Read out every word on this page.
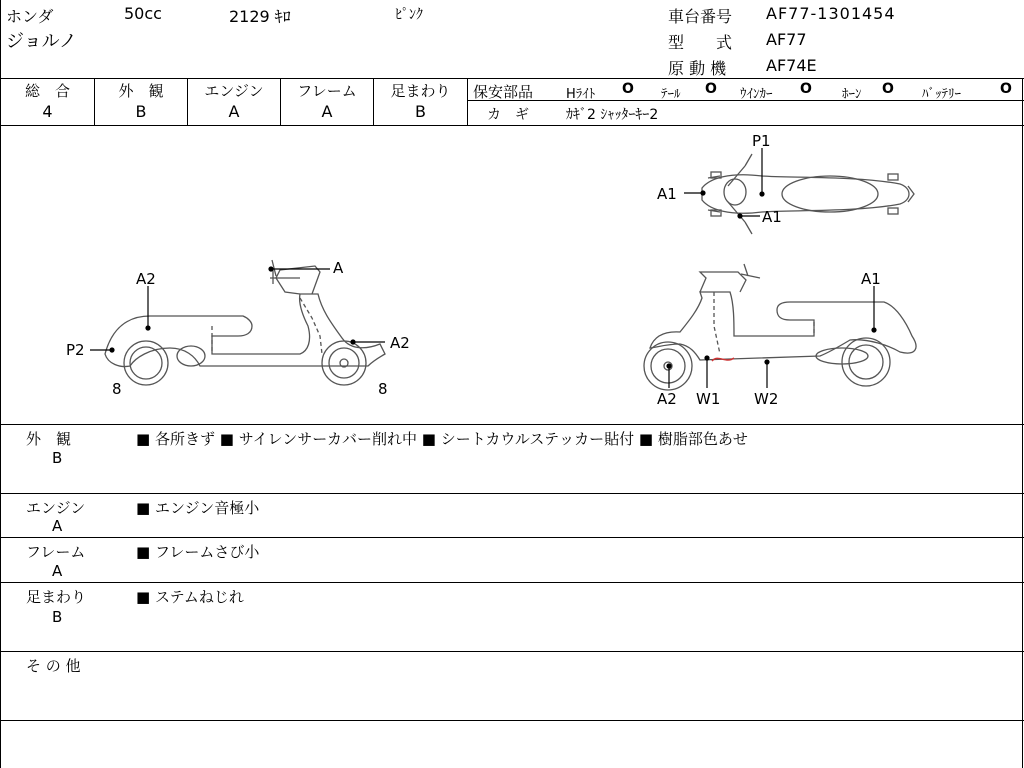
ホンダ	50cc	2129 ｷﾛ	ﾋﾟﾝｸ
ジョルノ
車台番号 AF77-1301454
型　　式 AF77
原 動 機 AF74E
総　合
4
外　観
B
エンジン
A
フレーム
A
足まわり
B
保安部品	Hﾗｲﾄ O ﾃｰﾙ O ｳｲﾝｶｰ O ﾎｰﾝ O ﾊﾞｯﾃﾘｰ	O
カ　ギ	ｶｷﾞ2 ｼｬｯﾀｰｷｰ2
A
A2
A2
P2
8	8
P1
A1
A1
A1
A2 W1 W2
外　観
B
■ 各所きず ■ サイレンサーカバー削れ中 ■ シートカウルステッカー貼付 ■ 樹脂部色あせ
エンジン
A
■ エンジン音極小
フレーム
A
■ フレームさび小
足まわり
B
■ ステムねじれ
そ の 他
